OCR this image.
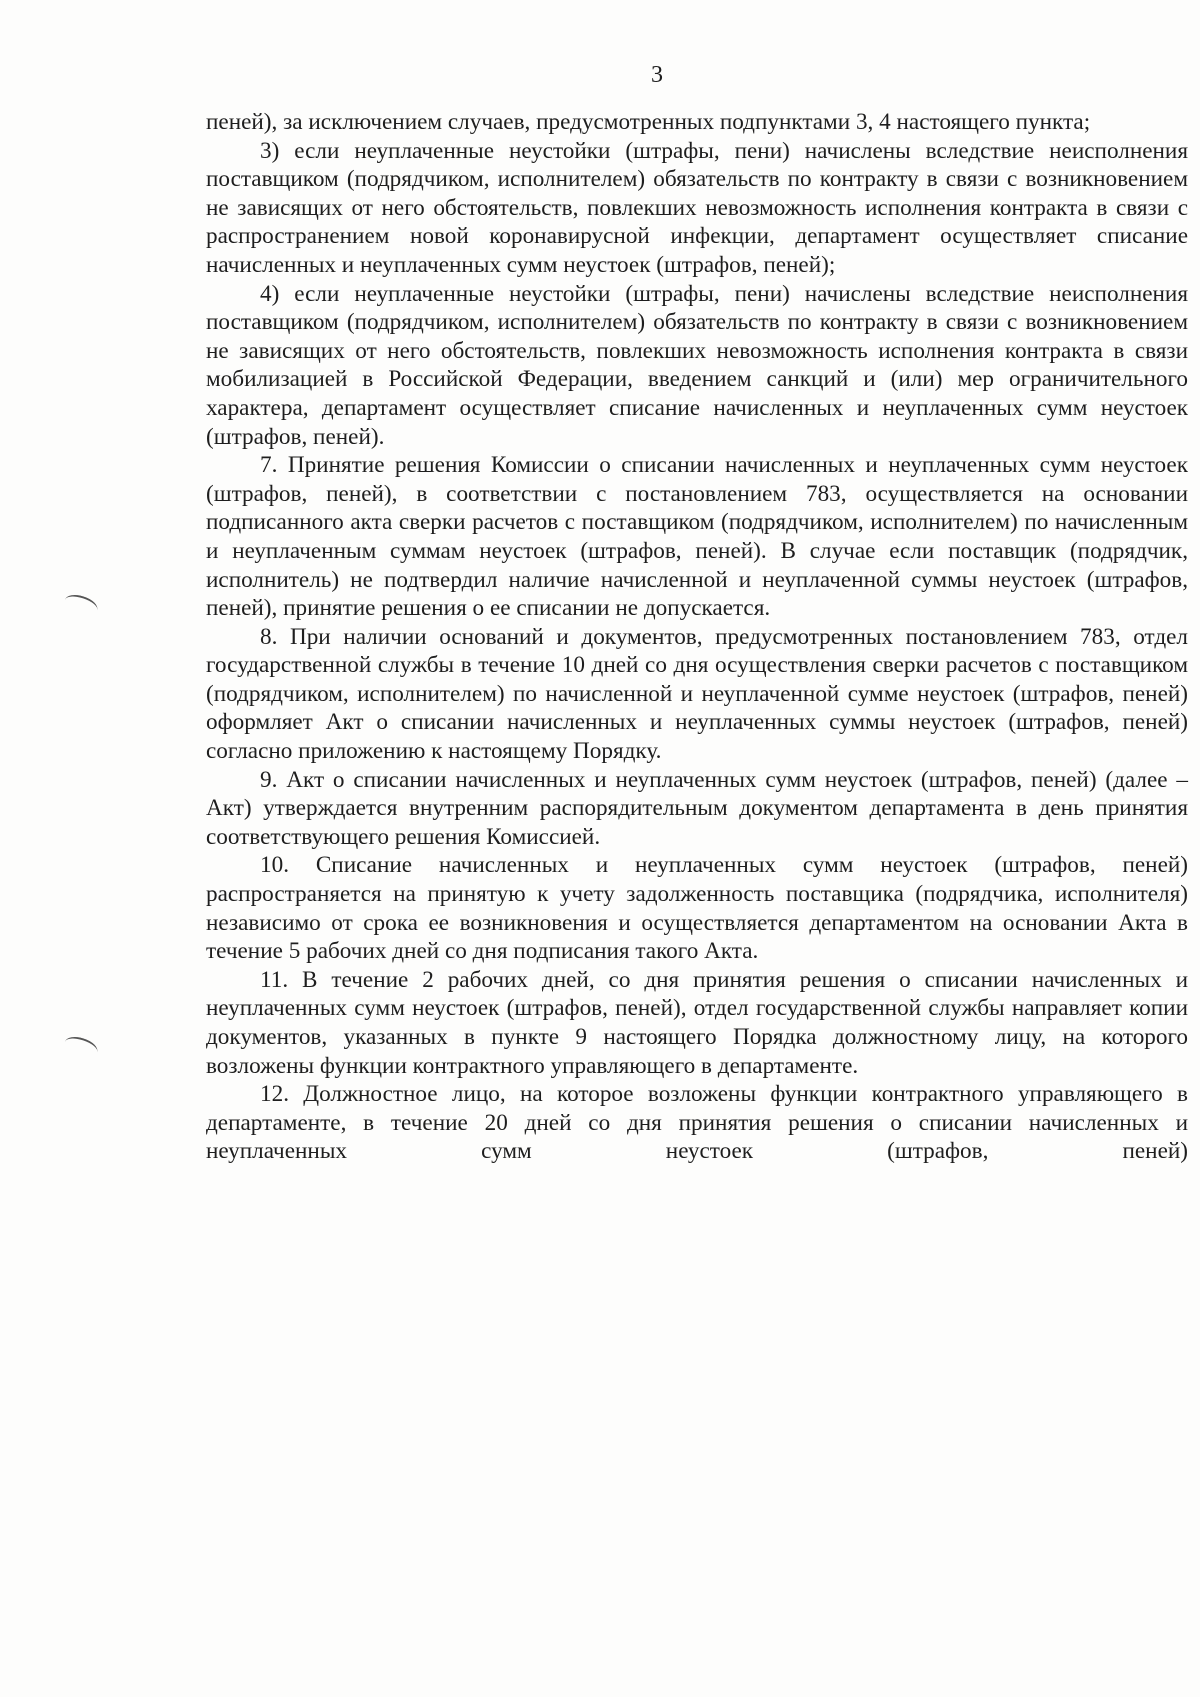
3

пеней), за исключением случаев, предусмотренных подпунктами 3, 4 настоящего пункта;

3) если неуплаченные неустойки (штрафы, пени) начислены вследствие неисполнения поставщиком (подрядчиком, исполнителем) обязательств по контракту в связи с возникновением не зависящих от него обстоятельств, повлекших невозможность исполнения контракта в связи с распространением новой коронавирусной инфекции, департамент осуществляет списание начисленных и неуплаченных сумм неустоек (штрафов, пеней);

4) если неуплаченные неустойки (штрафы, пени) начислены вследствие неисполнения поставщиком (подрядчиком, исполнителем) обязательств по контракту в связи с возникновением не зависящих от него обстоятельств, повлекших невозможность исполнения контракта в связи мобилизацией в Российской Федерации, введением санкций и (или) мер ограничительного характера, департамент осуществляет списание начисленных и неуплаченных сумм неустоек (штрафов, пеней).

7. Принятие решения Комиссии о списании начисленных и неуплаченных сумм неустоек (штрафов, пеней), в соответствии с постановлением 783, осуществляется на основании подписанного акта сверки расчетов с поставщиком (подрядчиком, исполнителем) по начисленным и неуплаченным суммам неустоек (штрафов, пеней). В случае если поставщик (подрядчик, исполнитель) не подтвердил наличие начисленной и неуплаченной суммы неустоек (штрафов, пеней), принятие решения о ее списании не допускается.

8. При наличии оснований и документов, предусмотренных постановлением 783, отдел государственной службы в течение 10 дней со дня осуществления сверки расчетов с поставщиком (подрядчиком, исполнителем) по начисленной и неуплаченной сумме неустоек (штрафов, пеней) оформляет Акт о списании начисленных и неуплаченных суммы неустоек (штрафов, пеней) согласно приложению к настоящему Порядку.

9. Акт о списании начисленных и неуплаченных сумм неустоек (штрафов, пеней) (далее – Акт) утверждается внутренним распорядительным документом департамента в день принятия соответствующего решения Комиссией.

10. Списание начисленных и неуплаченных сумм неустоек (штрафов, пеней) распространяется на принятую к учету задолженность поставщика (подрядчика, исполнителя) независимо от срока ее возникновения и осуществляется департаментом на основании Акта в течение 5 рабочих дней со дня подписания такого Акта.

11. В течение 2 рабочих дней, со дня принятия решения о списании начисленных и неуплаченных сумм неустоек (штрафов, пеней), отдел государственной службы направляет копии документов, указанных в пункте 9 настоящего Порядка должностному лицу, на которого возложены функции контрактного управляющего в департаменте.

12. Должностное лицо, на которое возложены функции контрактного управляющего в департаменте, в течение 20 дней со дня принятия решения о списании начисленных и неуплаченных сумм неустоек (штрафов, пеней)
